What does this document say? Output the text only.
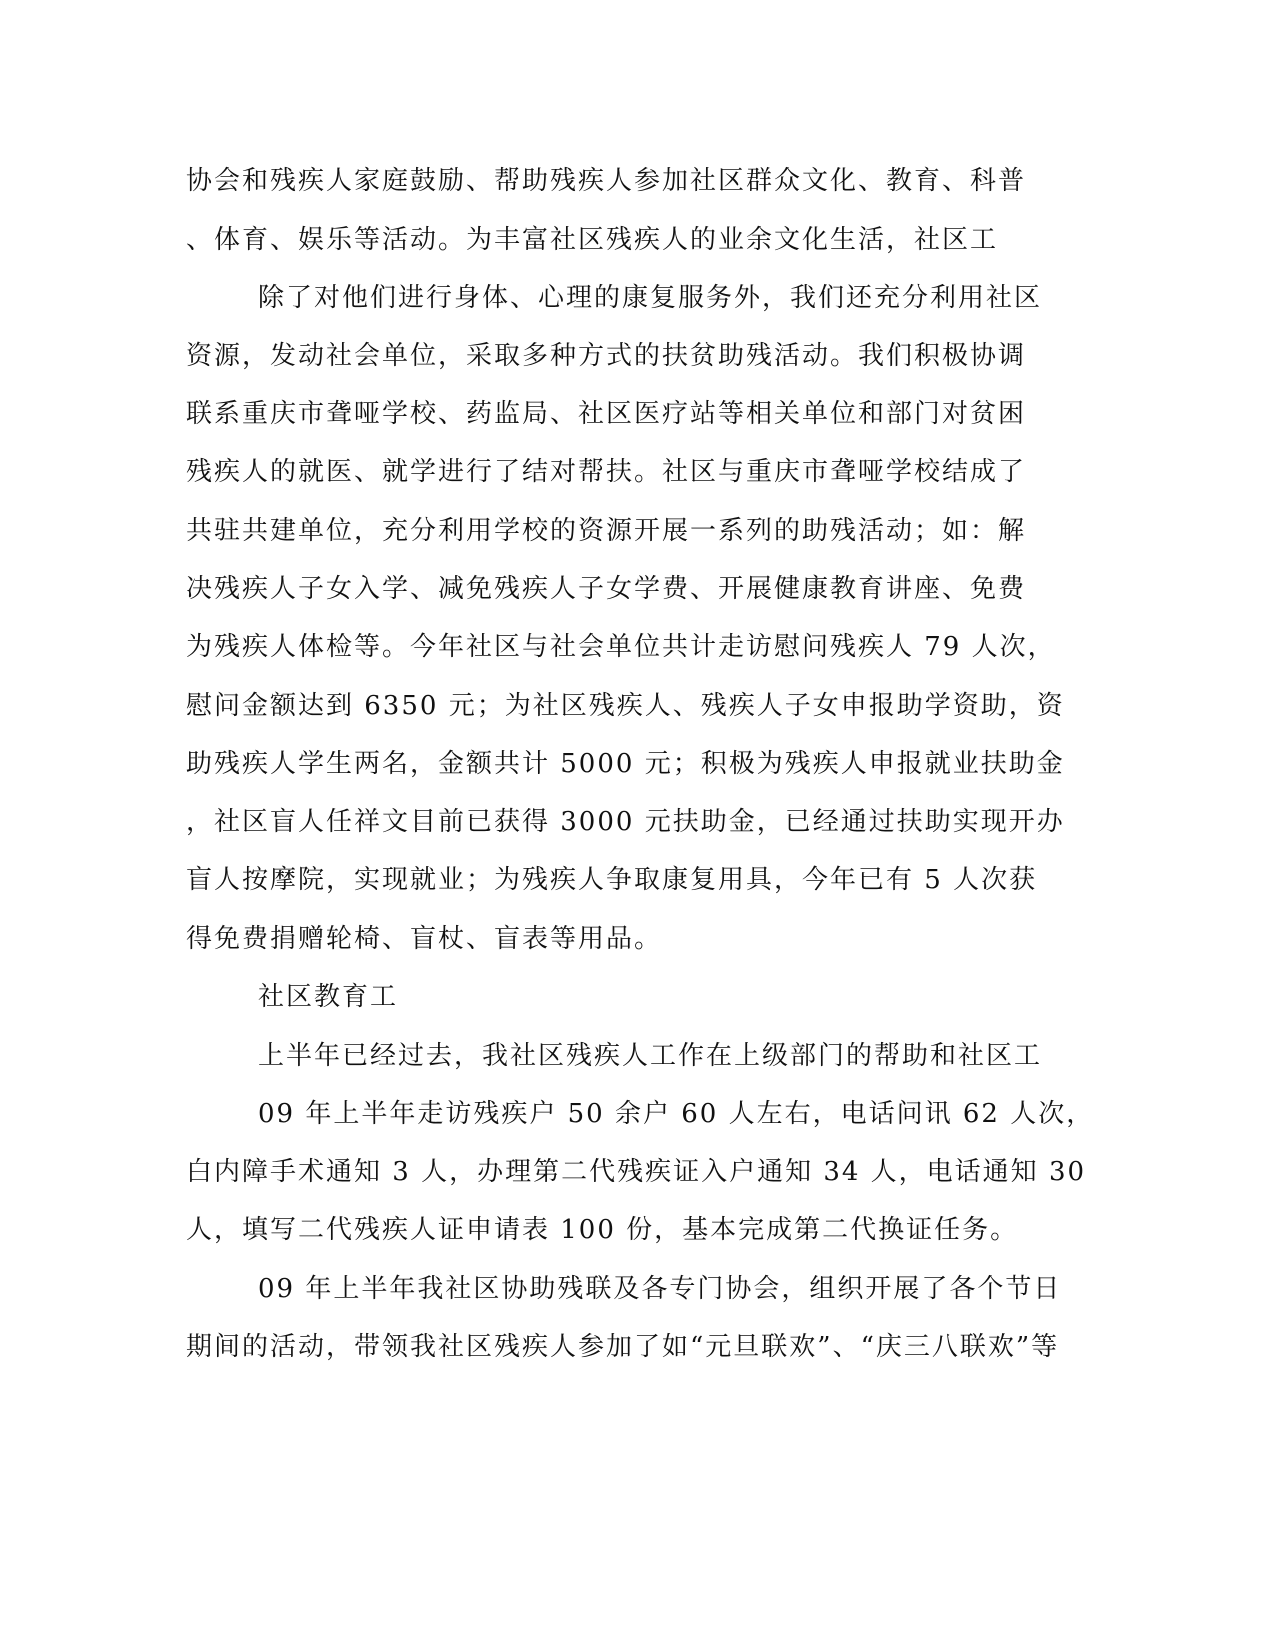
协会和残疾人家庭鼓励、帮助残疾人参加社区群众文化、教育、科普
、体育、娱乐等活动。为丰富社区残疾人的业余文化生活，社区工
除了对他们进行身体、心理的康复服务外，我们还充分利用社区
资源，发动社会单位，采取多种方式的扶贫助残活动。我们积极协调
联系重庆市聋哑学校、药监局、社区医疗站等相关单位和部门对贫困
残疾人的就医、就学进行了结对帮扶。社区与重庆市聋哑学校结成了
共驻共建单位，充分利用学校的资源开展一系列的助残活动；如：解
决残疾人子女入学、减免残疾人子女学费、开展健康教育讲座、免费
为残疾人体检等。今年社区与社会单位共计走访慰问残疾人 79 人次，
慰问金额达到 6350 元；为社区残疾人、残疾人子女申报助学资助，资
助残疾人学生两名，金额共计 5000 元；积极为残疾人申报就业扶助金
，社区盲人任祥文目前已获得 3000 元扶助金，已经通过扶助实现开办
盲人按摩院，实现就业；为残疾人争取康复用具，今年已有 5 人次获
得免费捐赠轮椅、盲杖、盲表等用品。
社区教育工
上半年已经过去，我社区残疾人工作在上级部门的帮助和社区工
09 年上半年走访残疾户 50 余户 60 人左右，电话问讯 62 人次，
白内障手术通知 3 人，办理第二代残疾证入户通知 34 人，电话通知 30
人，填写二代残疾人证申请表 100 份，基本完成第二代换证任务。
09 年上半年我社区协助残联及各专门协会，组织开展了各个节日
期间的活动，带领我社区残疾人参加了如“元旦联欢”、“庆三八联欢”等
